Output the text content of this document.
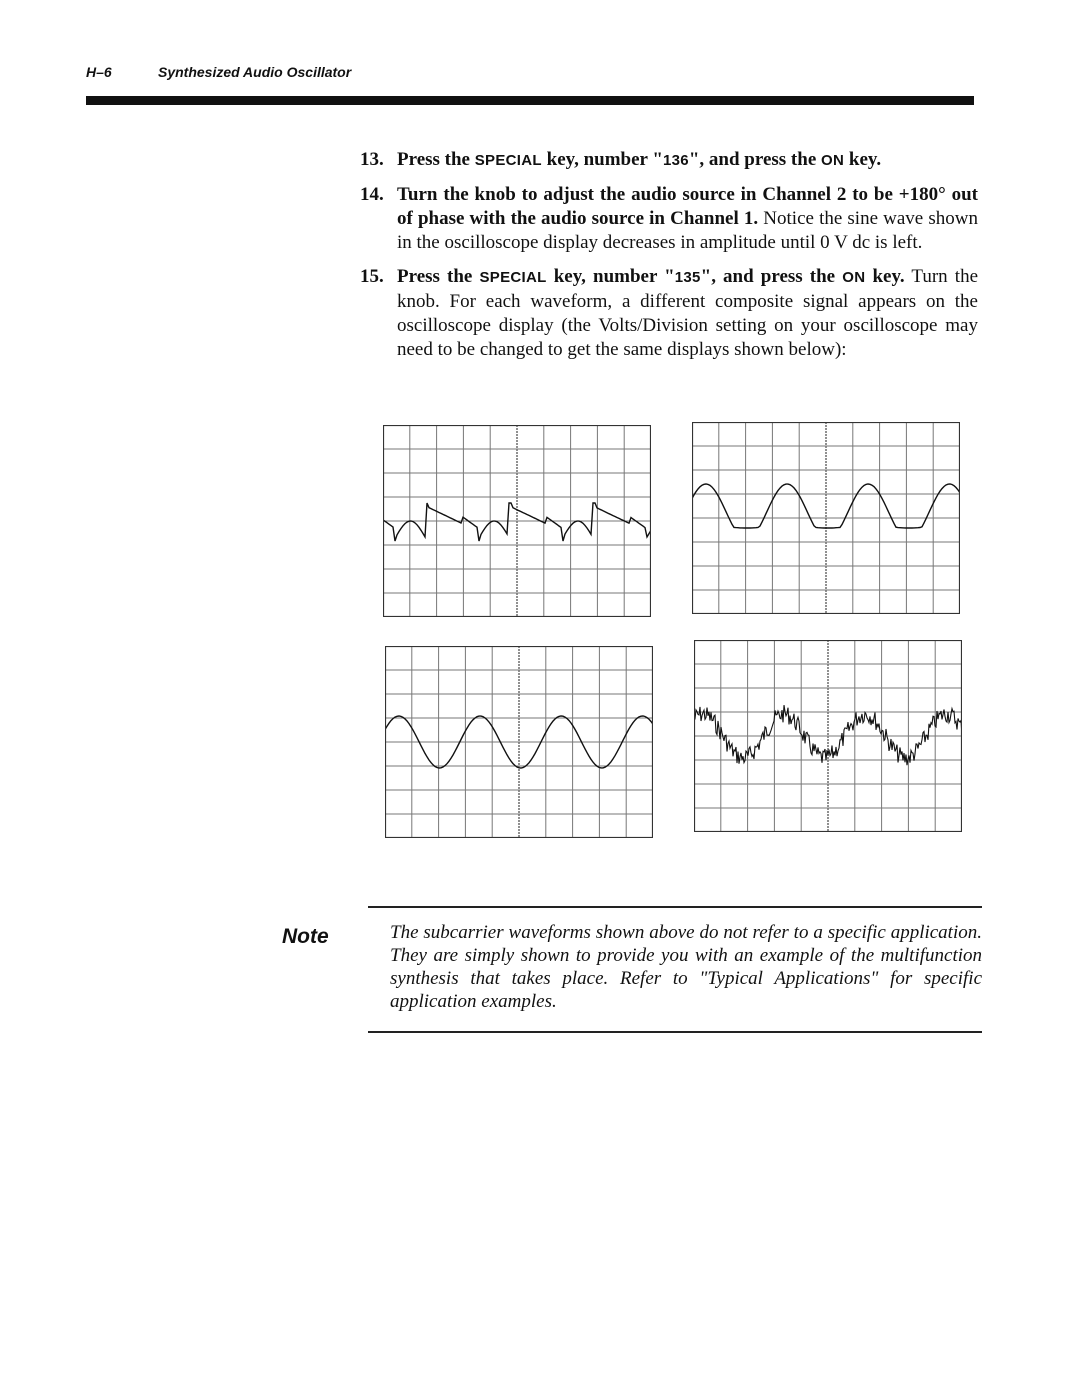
H–6	Synthesized Audio Oscillator
13. Press the SPECIAL key, number "136", and press the ON key.
14. Turn the knob to adjust the audio source in Channel 2 to be +180° out of phase with the audio source in Channel 1. Notice the sine wave shown in the oscilloscope display decreases in amplitude until 0 V dc is left.
15. Press the SPECIAL key, number "135", and press the ON key. Turn the knob. For each waveform, a different composite signal appears on the oscilloscope display (the Volts/Division setting on your oscilloscope may need to be changed to get the same displays shown below):
Note	The subcarrier waveforms shown above do not refer to a specific application. They are simply shown to provide you with an example of the multifunction synthesis that takes place. Refer to "Typical Applications" for specific application examples.
